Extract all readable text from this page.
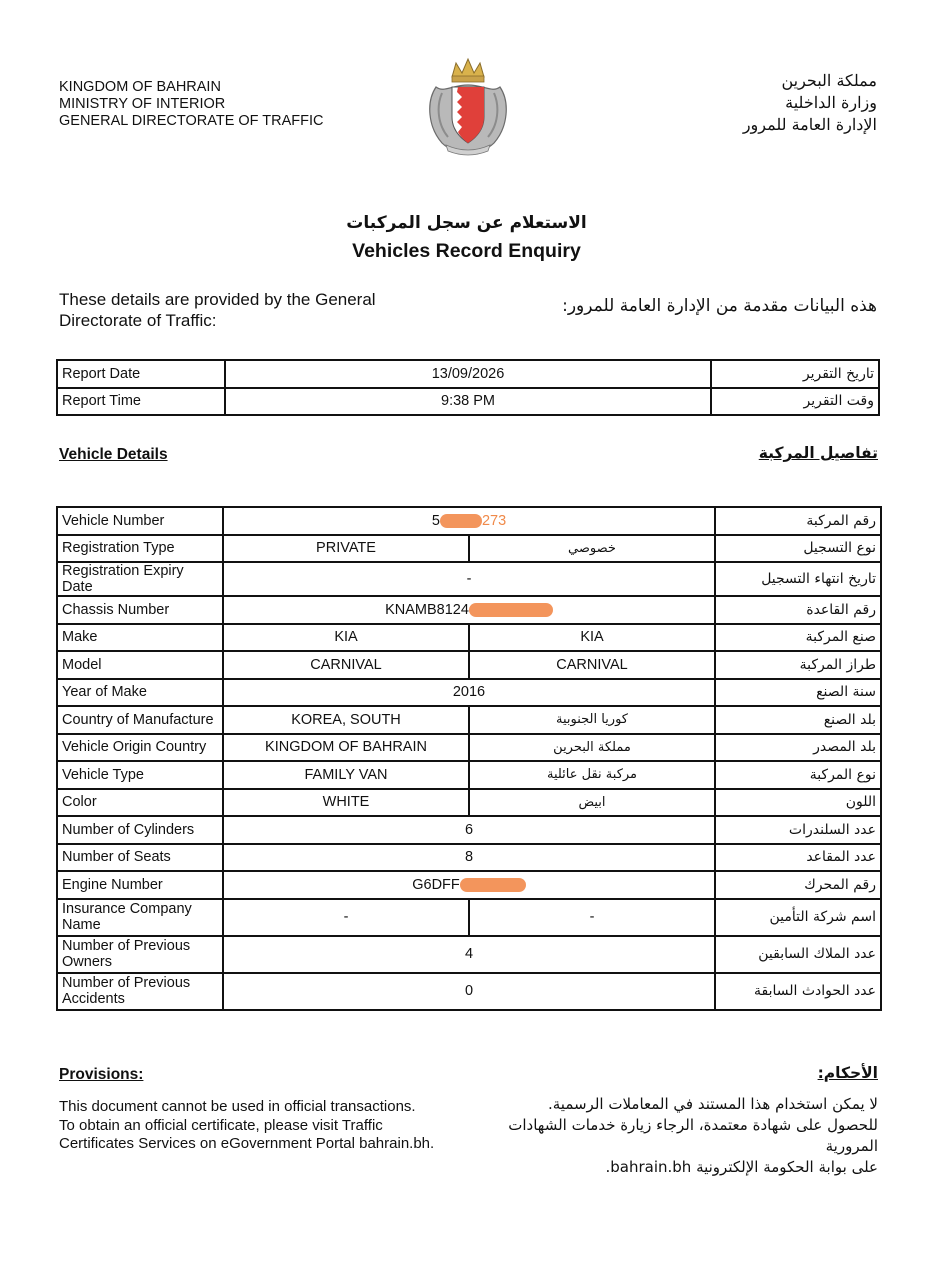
KINGDOM OF BAHRAIN
MINISTRY OF INTERIOR
GENERAL DIRECTORATE OF TRAFFIC
مملكة البحرين
وزارة الداخلية
الإدارة العامة للمرور
الاستعلام عن سجل المركبات
Vehicles Record Enquiry
These details are provided by the General Directorate of Traffic:
هذه البيانات مقدمة من الإدارة العامة للمرور:
Report Date	13/09/2026	تاريخ التقرير
Report Time	9:38 PM	وقت التقرير
Vehicle Details	تفاصيل المركبة
Vehicle Number	5 273		رقم المركبة
Registration Type	PRIVATE	خصوصي	نوع التسجيل
Registration Expiry Date	-		تاريخ انتهاء التسجيل
Chassis Number	KNAMB8124		رقم القاعدة
Make	KIA	KIA	صنع المركبة
Model	CARNIVAL	CARNIVAL	طراز المركبة
Year of Make	2016		سنة الصنع
Country of Manufacture	KOREA, SOUTH	كوريا الجنوبية	بلد الصنع
Vehicle Origin Country	KINGDOM OF BAHRAIN	مملكة البحرين	بلد المصدر
Vehicle Type	FAMILY VAN	مركبة نقل عائلية	نوع المركبة
Color	WHITE	ابيض	اللون
Number of Cylinders	6		عدد السلندرات
Number of Seats	8		عدد المقاعد
Engine Number	G6DFF		رقم المحرك
Insurance Company Name	-	-	اسم شركة التأمين
Number of Previous Owners	4		عدد الملاك السابقين
Number of Previous Accidents	0		عدد الحوادث السابقة
Provisions:	الأحكام:
This document cannot be used in official transactions.
To obtain an official certificate, please visit Traffic
Certificates Services on eGovernment Portal bahrain.bh.
لا يمكن استخدام هذا المستند في المعاملات الرسمية.
للحصول على شهادة معتمدة، الرجاء زيارة خدمات الشهادات المرورية
على بوابة الحكومة الإلكترونية bahrain.bh.
